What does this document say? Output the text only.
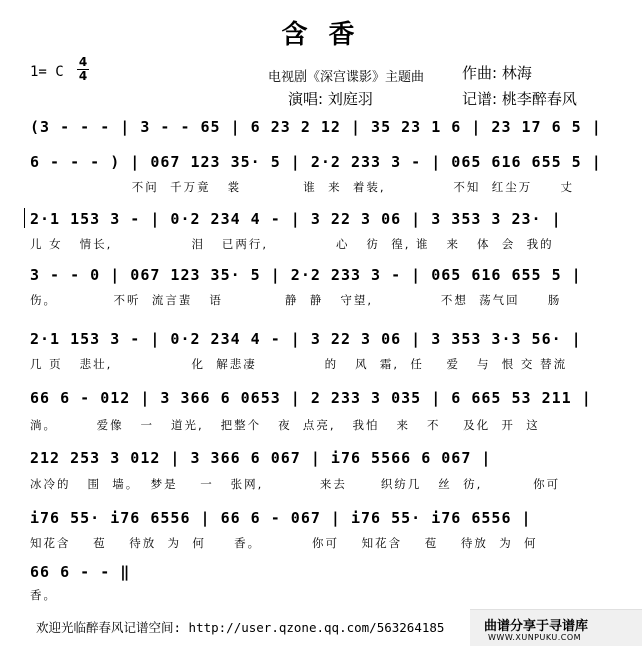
含 香
电视剧《深宫谍影》主题曲	作曲: 林海
演唱: 刘庭羽	记谱: 桃李醉春风
1= C
4
4
(3 - - - | 3 - - 65 | 6 23 2 12 | 35 23 1 6 | 23 17 6 5 |
6 - - - ) | 067 123 35· 5 | 2·2 233 3 - | 065 616 655 5 |
不问  千万竟   裳           谁  来  着装,            不知  红尘万     丈
2·1 153 3 - | 0·2 234 4 - | 3 22 3 06 | 3 353 3 23· |
儿 女   情长,              泪   已两行,            心   彷  徨, 谁   来   体  会  我的
3 - - 0 | 067 123 35· 5 | 2·2 233 3 - | 065 616 655 5 |
伤。          不听  流言蜚   语           静  静   守望,            不想  荡气回     肠
2·1 153 3 - | 0·2 234 4 - | 3 22 3 06 | 3 353 3·3 56· |
几 页   悲壮,              化  解悲凄            的   风  霜,  任    爱   与  恨 交 替流
66 6 - 012 | 3 366 6 0653 | 2 233 3 035 | 6 665 53 211 |
淌。       爱像   一   道光,   把整个   夜  点亮,   我怕   来   不    及化  开  这
212 253 3 012 | 3 366 6 067 | i76 5566 6 067 |
冰冷的   围  墙。  梦是    一   张网,          来去      织纺几   丝  彷,         你可
i76 55· i76 6556 | 66 6 - 067 | i76 55· i76 6556 |
知花含    苞    待放  为  何     香。         你可    知花含    苞    待放  为  何
66 6 - - ‖
香。
欢迎光临醉春风记谱空间: http://user.qzone.qq.com/563264185	曲谱分享于寻谱库
WWW.XUNPUKU.COM
